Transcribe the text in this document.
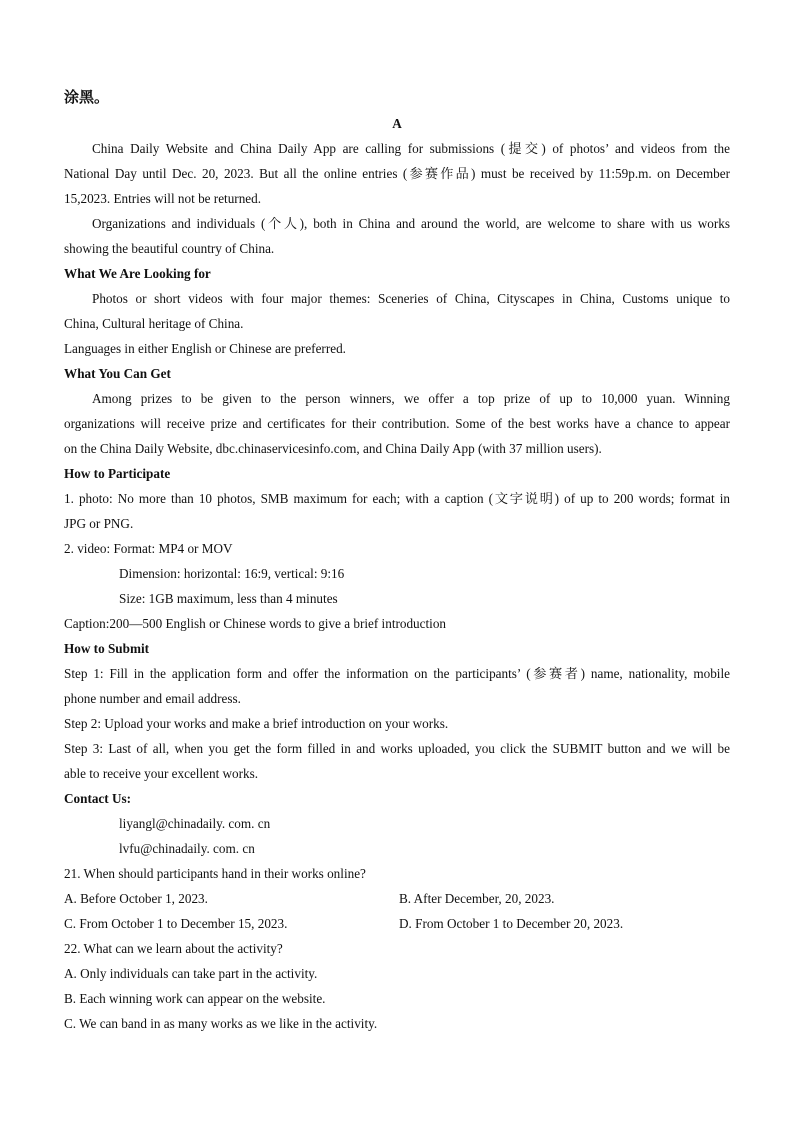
涂黑。
A
China Daily Website and China Daily App are calling for submissions (提交) of photos’ and videos from the
National Day until Dec. 20, 2023. But all the online entries (参赛作品) must be received by 11:59p.m. on December
15,2023. Entries will not be returned.
Organizations and individuals (个人), both in China and around the world, are welcome to share with us works
showing the beautiful country of China.
What We Are Looking for
Photos or short videos with four major themes: Sceneries of China, Cityscapes in China, Customs unique to
China, Cultural heritage of China.
Languages in either English or Chinese are preferred.
What You Can Get
Among prizes to be given to the person winners, we offer a top prize of up to 10,000 yuan. Winning
organizations will receive prize and certificates for their contribution. Some of the best works have a chance to appear
on the China Daily Website, dbc.chinaservicesinfo.com, and China Daily App (with 37 million users).
How to Participate
1. photo: No more than 10 photos, SMB maximum for each; with a caption (文字说明) of up to 200 words; format in
JPG or PNG.
2. video: Format: MP4 or MOV
Dimension: horizontal: 16:9, vertical: 9:16
Size: 1GB maximum, less than 4 minutes
Caption:200—500 English or Chinese words to give a brief introduction
How to Submit
Step 1: Fill in the application form and offer the information on the participants’ (参赛者) name, nationality, mobile
phone number and email address.
Step 2: Upload your works and make a brief introduction on your works.
Step 3: Last of all, when you get the form filled in and works uploaded, you click the SUBMIT button and we will be
able to receive your excellent works.
Contact Us:
liyangl@chinadaily. com. cn
lvfu@chinadaily. com. cn
21. When should participants hand in their works online?
A. Before October 1, 2023.	B. After December, 20, 2023.
C. From October 1 to December 15, 2023.	D. From October 1 to December 20, 2023.
22. What can we learn about the activity?
A. Only individuals can take part in the activity.
B. Each winning work can appear on the website.
C. We can band in as many works as we like in the activity.
